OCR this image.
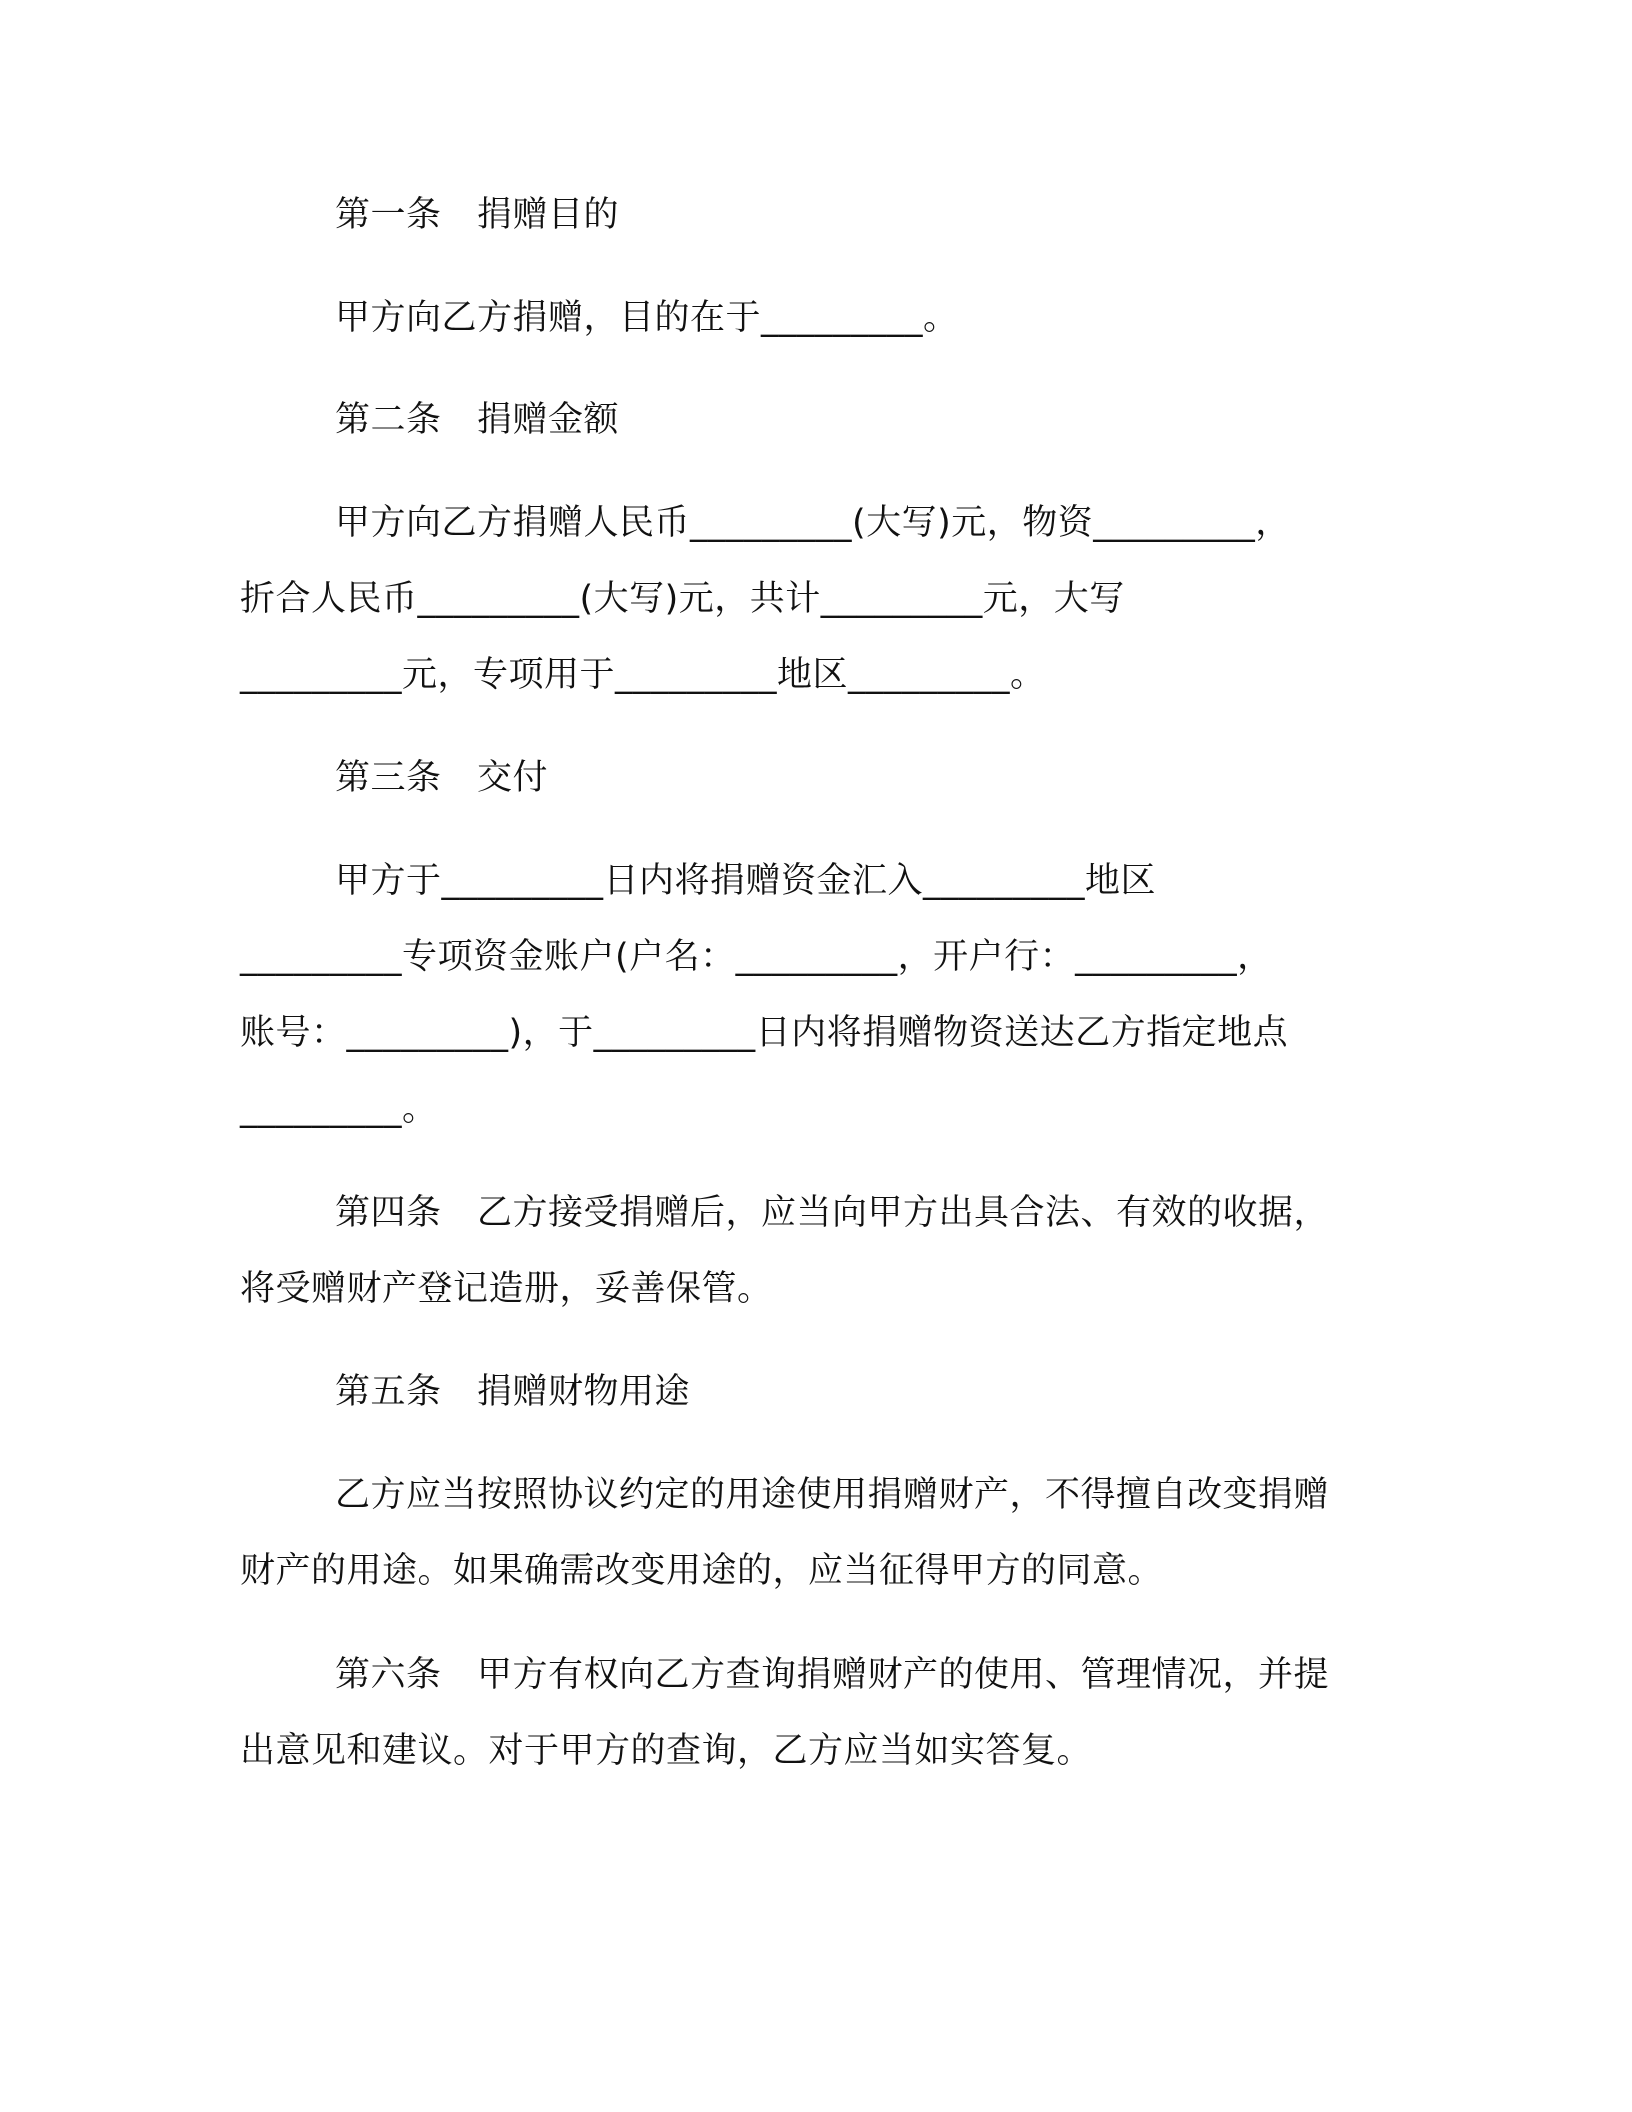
第一条　捐赠目的
甲方向乙方捐赠，目的在于_________。
第二条　捐赠金额
甲方向乙方捐赠人民币_________(大写)元，物资_________，
折合人民币_________(大写)元，共计_________元，大写
_________元，专项用于_________地区_________。
第三条　交付
甲方于_________日内将捐赠资金汇入_________地区
_________专项资金账户(户名：_________，开户行：_________，
账号：_________)，于_________日内将捐赠物资送达乙方指定地点
_________。
第四条　乙方接受捐赠后，应当向甲方出具合法、有效的收据，
将受赠财产登记造册，妥善保管。
第五条　捐赠财物用途
乙方应当按照协议约定的用途使用捐赠财产，不得擅自改变捐赠
财产的用途。如果确需改变用途的，应当征得甲方的同意。
第六条　甲方有权向乙方查询捐赠财产的使用、管理情况，并提
出意见和建议。对于甲方的查询，乙方应当如实答复。
